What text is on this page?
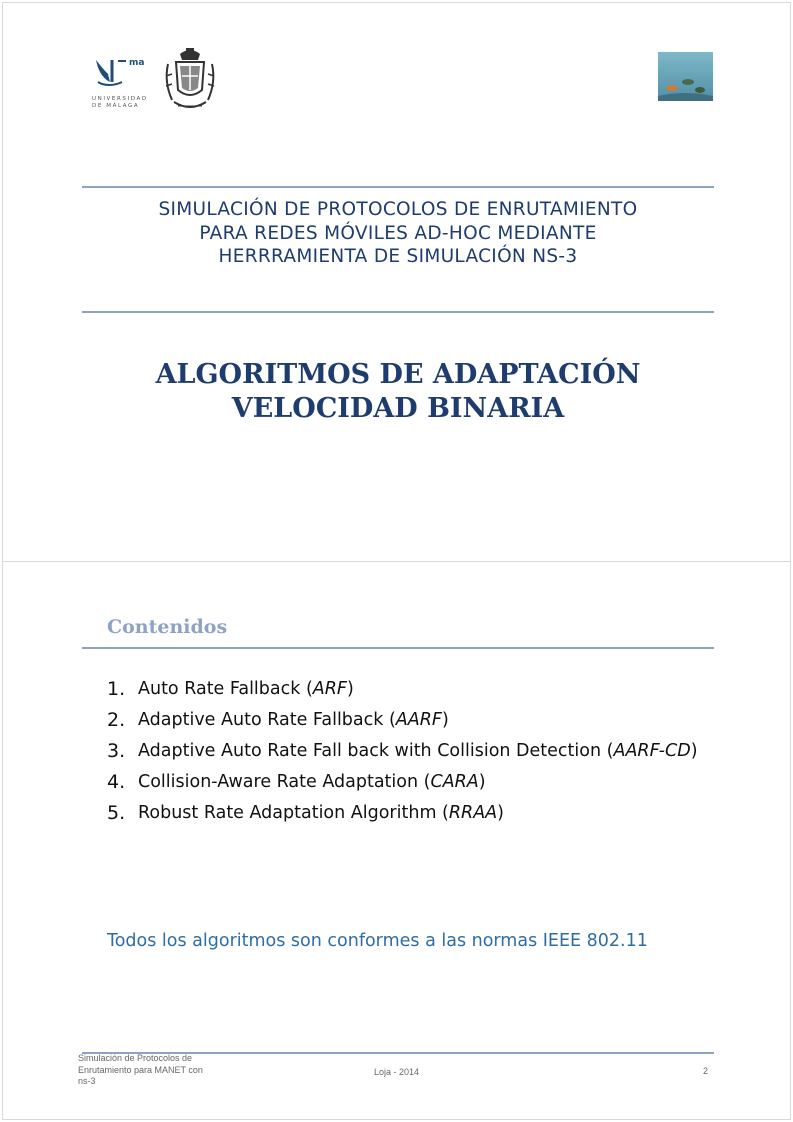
ma
UNIVERSIDAD
DE MÁLAGA
SIMULACIÓN DE PROTOCOLOS DE ENRUTAMIENTO
PARA REDES MÓVILES AD-HOC MEDIANTE
HERRRAMIENTA DE SIMULACIÓN NS-3
ALGORITMOS DE ADAPTACIÓN
VELOCIDAD BINARIA
Contenidos
1. Auto Rate Fallback (ARF)
2. Adaptive Auto Rate Fallback (AARF)
3. Adaptive Auto Rate Fall back with Collision Detection (AARF-CD)
4. Collision-Aware Rate Adaptation (CARA)
5. Robust Rate Adaptation Algorithm (RRAA)
Todos los algoritmos son conformes a las normas IEEE 802.11
Simulación de Protocolos de
Enrutamiento para MANET con
ns-3
Loja - 2014	2
